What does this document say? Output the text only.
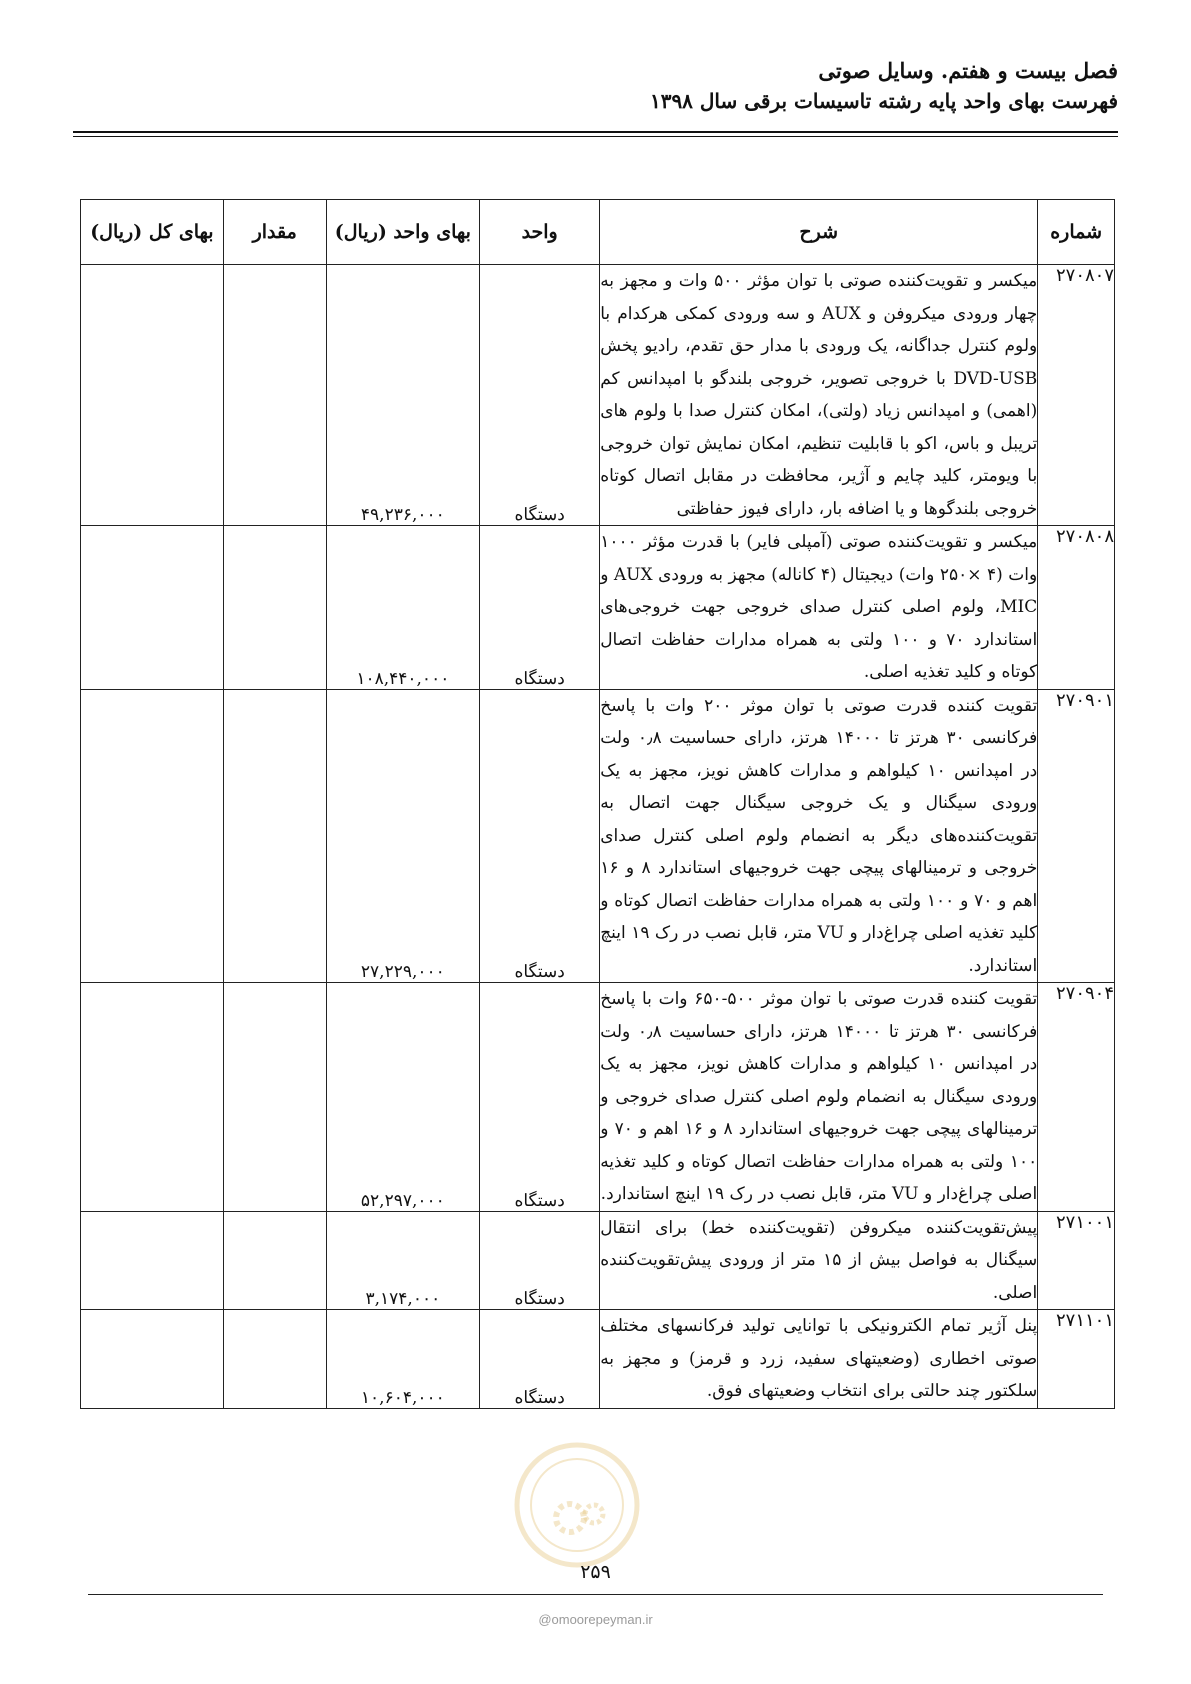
فصل بیست و هفتم. وسایل صوتی
فهرست بهای واحد پایه رشته تاسیسات برقی سال ۱۳۹۸
شماره	شرح	واحد	بهای واحد (ریال)	مقدار	بهای کل (ریال)
۲۷۰۸۰۷	میکسر و تقویت‌کننده صوتی با توان مؤثر ۵۰۰ وات و مجهز به چهار ورودی میکروفن و AUX و سه ورودی کمکی هرکدام با ولوم کنترل جداگانه، یک ورودی با مدار حق تقدم، رادیو پخش DVD-USB با خروجی تصویر، خروجی بلندگو با امپدانس کم (اهمی) و امپدانس زیاد (ولتی)، امکان کنترل صدا با ولوم های تریبل و باس، اکو با قابلیت تنظیم، امکان نمایش توان خروجی با ویومتر، کلید چایم و آژیر، محافظت در مقابل اتصال کوتاه خروجی بلندگوها و یا اضافه بار، دارای فیوز حفاظتی	دستگاه	۴۹,۲۳۶,۰۰۰		
۲۷۰۸۰۸	میکسر و تقویت‌کننده صوتی (آمپلی فایر) با قدرت مؤثر ۱۰۰۰ وات (۴ ×۲۵۰ وات) دیجیتال (۴ کاناله) مجهز به ورودی AUX و MIC، ولوم اصلی کنترل صدای خروجی جهت خروجی‌های استاندارد ۷۰ و ۱۰۰ ولتی به همراه مدارات حفاظت اتصال کوتاه و کلید تغذیه اصلی.	دستگاه	۱۰۸,۴۴۰,۰۰۰		
۲۷۰۹۰۱	تقویت کننده قدرت صوتی با توان موثر ۲۰۰ وات با پاسخ فرکانسی ۳۰ هرتز تا ۱۴۰۰۰ هرتز، دارای حساسیت ۰٫۸ ولت در امپدانس ۱۰ کیلواهم و مدارات کاهش نویز، مجهز به یک ورودی سیگنال و یک خروجی سیگنال جهت اتصال به تقویت‌کننده‌های دیگر به انضمام ولوم اصلی کنترل صدای خروجی و ترمینالهای پیچی جهت خروجیهای استاندارد ۸ و ۱۶ اهم و ۷۰ و ۱۰۰ ولتی به همراه مدارات حفاظت اتصال کوتاه و کلید تغذیه اصلی چراغ‌دار و VU متر، قابل نصب در رک ۱۹ اینچ استاندارد.	دستگاه	۲۷,۲۲۹,۰۰۰		
۲۷۰۹۰۴	تقویت کننده قدرت صوتی با توان موثر ۵۰۰-۶۵۰ وات با پاسخ فرکانسی ۳۰ هرتز تا ۱۴۰۰۰ هرتز، دارای حساسیت ۰٫۸ ولت در امپدانس ۱۰ کیلواهم و مدارات کاهش نویز، مجهز به یک ورودی سیگنال به انضمام ولوم اصلی کنترل صدای خروجی و ترمینالهای پیچی جهت خروجیهای استاندارد ۸ و ۱۶ اهم و ۷۰ و ۱۰۰ ولتی به همراه مدارات حفاظت اتصال کوتاه و کلید تغذیه اصلی چراغ‌دار و VU متر، قابل نصب در رک ۱۹ اینچ استاندارد.	دستگاه	۵۲,۲۹۷,۰۰۰		
۲۷۱۰۰۱	پیش‌تقویت‌کننده میکروفن (تقویت‌کننده خط) برای انتقال سیگنال به فواصل بیش از ۱۵ متر از ورودی پیش‌تقویت‌کننده اصلی.	دستگاه	۳,۱۷۴,۰۰۰		
۲۷۱۱۰۱	پنل آژیر تمام الکترونیکی با توانایی تولید فرکانسهای مختلف صوتی اخطاری (وضعیتهای سفید، زرد و قرمز) و مجهز به سلکتور چند حالتی برای انتخاب وضعیتهای فوق.	دستگاه	۱۰,۶۰۴,۰۰۰		
۲۵۹
@omoorepeyman.ir
